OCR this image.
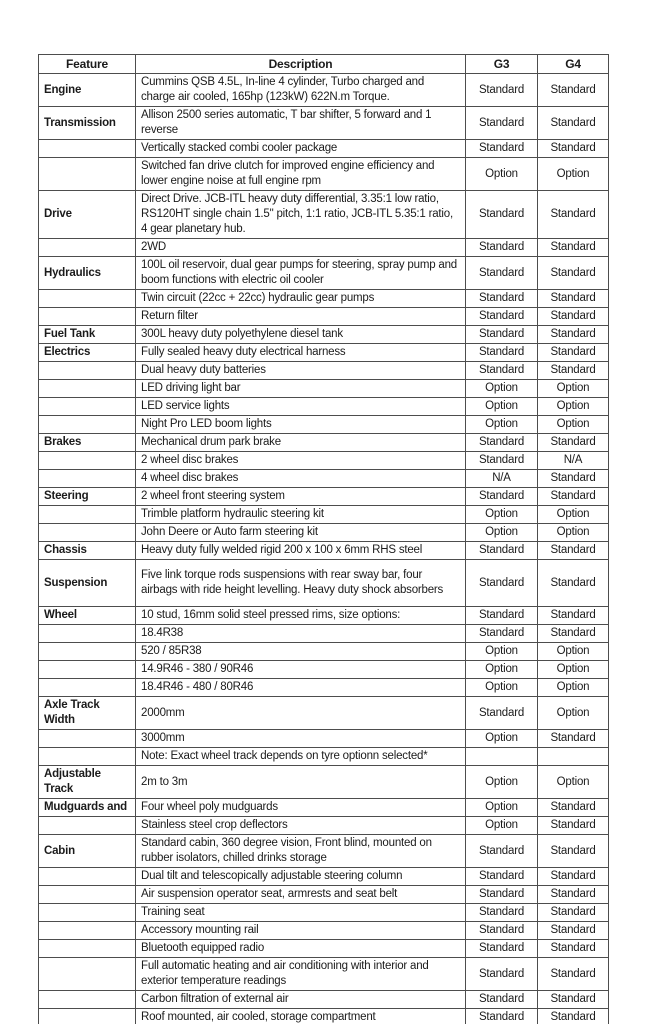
Feature	Description	G3	G4
Engine	Cummins QSB 4.5L, In-line 4 cylinder, Turbo charged and charge air cooled, 165hp (123kW) 622N.m Torque.	Standard	Standard
Transmission	Allison 2500 series automatic, T bar shifter, 5 forward and 1 reverse	Standard	Standard
	Vertically stacked combi cooler package	Standard	Standard
	Switched fan drive clutch for improved engine efficiency and lower engine noise at full engine rpm	Option	Option
Drive	Direct Drive. JCB-ITL heavy duty differential, 3.35:1 low ratio, RS120HT single chain 1.5" pitch, 1:1 ratio, JCB-ITL 5.35:1 ratio, 4 gear planetary hub.	Standard	Standard
	2WD	Standard	Standard
Hydraulics	100L oil reservoir, dual gear pumps for steering, spray pump and boom functions with electric oil cooler	Standard	Standard
	Twin circuit (22cc + 22cc) hydraulic gear pumps	Standard	Standard
	Return filter	Standard	Standard
Fuel Tank	300L heavy duty polyethylene diesel tank	Standard	Standard
Electrics	Fully sealed heavy duty electrical harness	Standard	Standard
	Dual heavy duty batteries	Standard	Standard
	LED driving light bar	Option	Option
	LED service lights	Option	Option
	Night Pro LED boom lights	Option	Option
Brakes	Mechanical drum park brake	Standard	Standard
	2 wheel disc brakes	Standard	N/A
	4 wheel disc brakes	N/A	Standard
Steering	2 wheel front steering system	Standard	Standard
	Trimble platform hydraulic steering kit	Option	Option
	John Deere or Auto farm steering kit	Option	Option
Chassis	Heavy duty fully welded rigid 200 x 100 x 6mm RHS steel	Standard	Standard
Suspension	Five link torque rods suspensions with rear sway bar, four airbags with ride height levelling. Heavy duty shock absorbers	Standard	Standard
Wheel	10 stud, 16mm solid steel pressed rims, size options:	Standard	Standard
	18.4R38	Standard	Standard
	520 / 85R38	Option	Option
	14.9R46 - 380 / 90R46	Option	Option
	18.4R46 - 480 / 80R46	Option	Option
Axle Track Width	2000mm	Standard	Option
	3000mm	Option	Standard
	Note: Exact wheel track depends on tyre optionn selected*		
Adjustable Track	2m to 3m	Option	Option
Mudguards and	Four wheel poly mudguards	Option	Standard
	Stainless steel crop deflectors	Option	Standard
Cabin	Standard cabin, 360 degree vision, Front blind, mounted on rubber isolators, chilled drinks storage	Standard	Standard
	Dual tilt and telescopically adjustable steering column	Standard	Standard
	Air suspension operator seat, armrests and seat belt	Standard	Standard
	Training seat	Standard	Standard
	Accessory mounting rail	Standard	Standard
	Bluetooth equipped radio	Standard	Standard
	Full automatic heating and air conditioning with interior and exterior temperature readings	Standard	Standard
	Carbon filtration of external air	Standard	Standard
	Roof mounted, air cooled, storage compartment	Standard	Standard
